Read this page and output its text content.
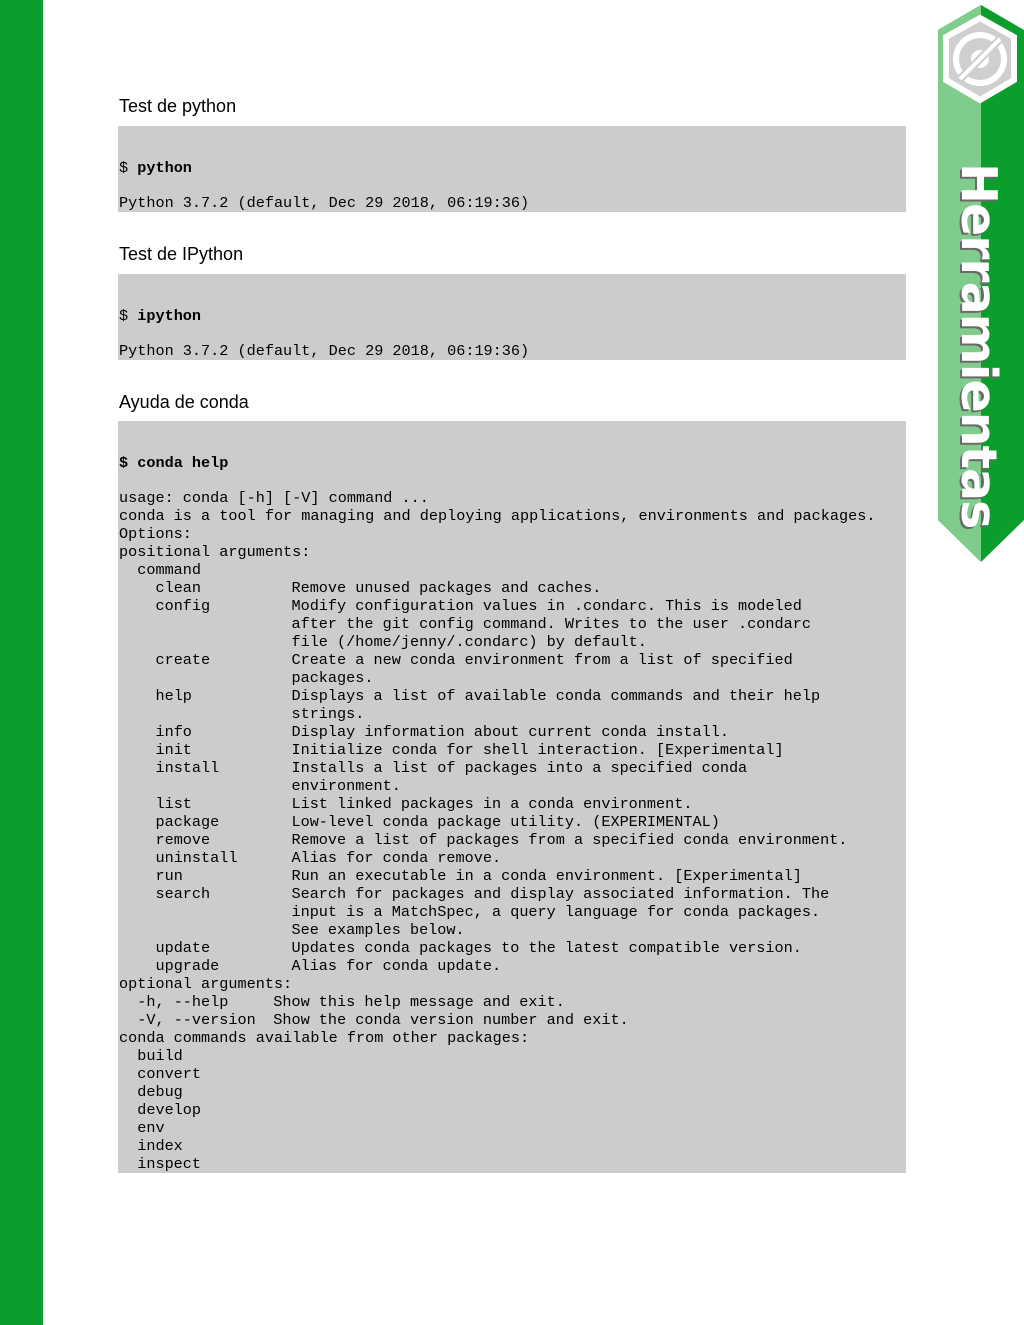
Herramientas
Test de python

$ python

Python 3.7.2 (default, Dec 29 2018, 06:19:36)
Test de IPython

$ ipython

Python 3.7.2 (default, Dec 29 2018, 06:19:36)
Ayuda de conda

$ conda help

usage: conda [-h] [-V] command ...
conda is a tool for managing and deploying applications, environments and packages.
Options:
positional arguments:
command
clean	Remove unused packages and caches.
config	Modify configuration values in .condarc. This is modeled
after the git config command. Writes to the user .condarc
file (/home/jenny/.condarc) by default.
create	Create a new conda environment from a list of specified
packages.
help	Displays a list of available conda commands and their help
strings.
info	Display information about current conda install.
init	Initialize conda for shell interaction. [Experimental]
install	Installs a list of packages into a specified conda
environment.
list	List linked packages in a conda environment.
package	Low-level conda package utility. (EXPERIMENTAL)
remove	Remove a list of packages from a specified conda environment.
uninstall	Alias for conda remove.
run	Run an executable in a conda environment. [Experimental]
search	Search for packages and display associated information. The
input is a MatchSpec, a query language for conda packages.
See examples below.
update	Updates conda packages to the latest compatible version.
upgrade	Alias for conda update.
optional arguments:
-h, --help	Show this help message and exit.
-V, --version Show the conda version number and exit.
conda commands available from other packages:
build
convert
debug
develop
env
index
inspect
